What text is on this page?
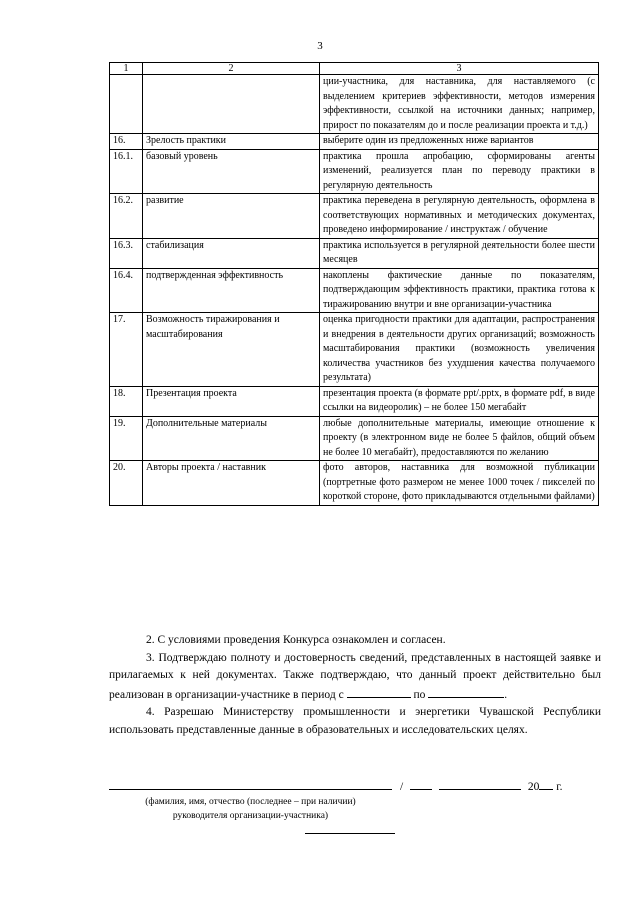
3
1	2	3
		ции-участника, для наставника, для наставляемого (с выделением критериев эффективности, методов измерения эффективности, ссылкой на источники данных; например, прирост по показателям до и после реализации проекта и т.д.)
16.	Зрелость практики	выберите один из предложенных ниже вариантов
16.1.	базовый уровень	практика прошла апробацию, сформированы агенты изменений, реализуется план по переводу практики в регулярную деятельность
16.2.	развитие	практика переведена в регулярную деятельность, оформлена в соответствующих нормативных и методических документах, проведено информирование / инструктаж / обучение
16.3.	стабилизация	практика используется в регулярной деятельности более шести месяцев
16.4.	подтвержденная эффективность	накоплены фактические данные по показателям, подтверждающим эффективность практики, практика готова к тиражированию внутри и вне организации-участника
17.	Возможность тиражирования и масштабирования	оценка пригодности практики для адаптации, распространения и внедрения в деятельности других организаций; возможность масштабирования практики (возможность увеличения количества участников без ухудшения качества получаемого результата)
18.	Презентация проекта	презентация проекта (в формате ppt/.pptx, в формате pdf, в виде ссылки на видеоролик) – не более 150 мегабайт
19.	Дополнительные материалы	любые дополнительные материалы, имеющие отношение к проекту (в электронном виде не более 5 файлов, общий объем не более 10 мегабайт), предоставляются по желанию
20.	Авторы проекта / наставник	фото авторов, наставника для возможной публикации (портретные фото размером не менее 1000 точек / пикселей по короткой стороне, фото прикладываются отдельными файлами)

2. С условиями проведения Конкурса ознакомлен и согласен.

3. Подтверждаю полноту и достоверность сведений, представленных в настоящей заявке и прилагаемых к ней документах. Также подтверждаю, что данный проект действительно был реализован в организации-участнике в период с	по	.

4. Разрешаю Министерству промышленности и энергетики Чувашской Республики использовать представленные данные в образовательных и исследовательских целях.

/	20 г.
(фамилия, имя, отчество (последнее – при наличии)
руководителя организации-участника)
